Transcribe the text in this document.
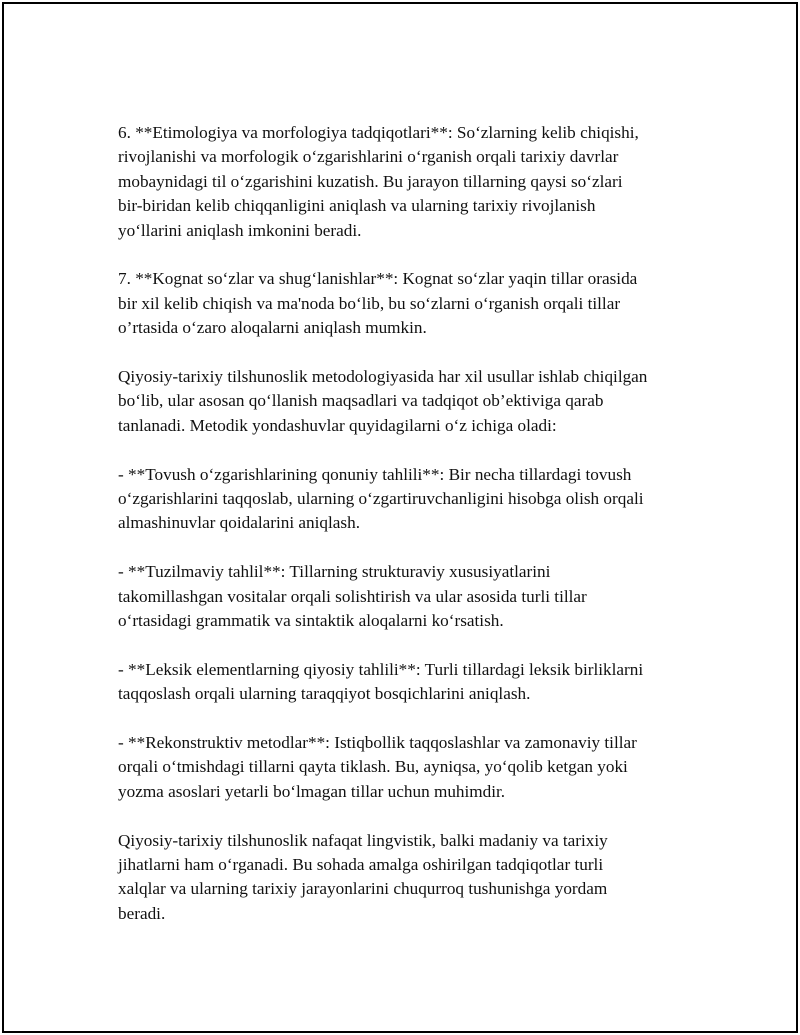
6. **Etimologiya va morfologiya tadqiqotlari**: So‘zlarning kelib chiqishi,
rivojlanishi va morfologik o‘zgarishlarini o‘rganish orqali tarixiy davrlar
mobaynidagi til o‘zgarishini kuzatish. Bu jarayon tillarning qaysi so‘zlari
bir-biridan kelib chiqqanligini aniqlash va ularning tarixiy rivojlanish
yo‘llarini aniqlash imkonini beradi.

7. **Kognat so‘zlar va shug‘lanishlar**: Kognat so‘zlar yaqin tillar orasida
bir xil kelib chiqish va ma'noda bo‘lib, bu so‘zlarni o‘rganish orqali tillar
o’rtasida o‘zaro aloqalarni aniqlash mumkin.

Qiyosiy-tarixiy tilshunoslik metodologiyasida har xil usullar ishlab chiqilgan
bo‘lib, ular asosan qo‘llanish maqsadlari va tadqiqot ob’ektiviga qarab
tanlanadi. Metodik yondashuvlar quyidagilarni o‘z ichiga oladi:

- **Tovush o‘zgarishlarining qonuniy tahlili**: Bir necha tillardagi tovush
o‘zgarishlarini taqqoslab, ularning o‘zgartiruvchanligini hisobga olish orqali
almashinuvlar qoidalarini aniqlash.

- **Tuzilmaviy tahlil**: Tillarning strukturaviy xususiyatlarini
takomillashgan vositalar orqali solishtirish va ular asosida turli tillar
o‘rtasidagi grammatik va sintaktik aloqalarni ko‘rsatish.

- **Leksik elementlarning qiyosiy tahlili**: Turli tillardagi leksik birliklarni
taqqoslash orqali ularning taraqqiyot bosqichlarini aniqlash.

- **Rekonstruktiv metodlar**: Istiqbollik taqqoslashlar va zamonaviy tillar
orqali o‘tmishdagi tillarni qayta tiklash. Bu, ayniqsa, yo‘qolib ketgan yoki
yozma asoslari yetarli bo‘lmagan tillar uchun muhimdir.

Qiyosiy-tarixiy tilshunoslik nafaqat lingvistik, balki madaniy va tarixiy
jihatlarni ham o‘rganadi. Bu sohada amalga oshirilgan tadqiqotlar turli
xalqlar va ularning tarixiy jarayonlarini chuqurroq tushunishga yordam
beradi.
